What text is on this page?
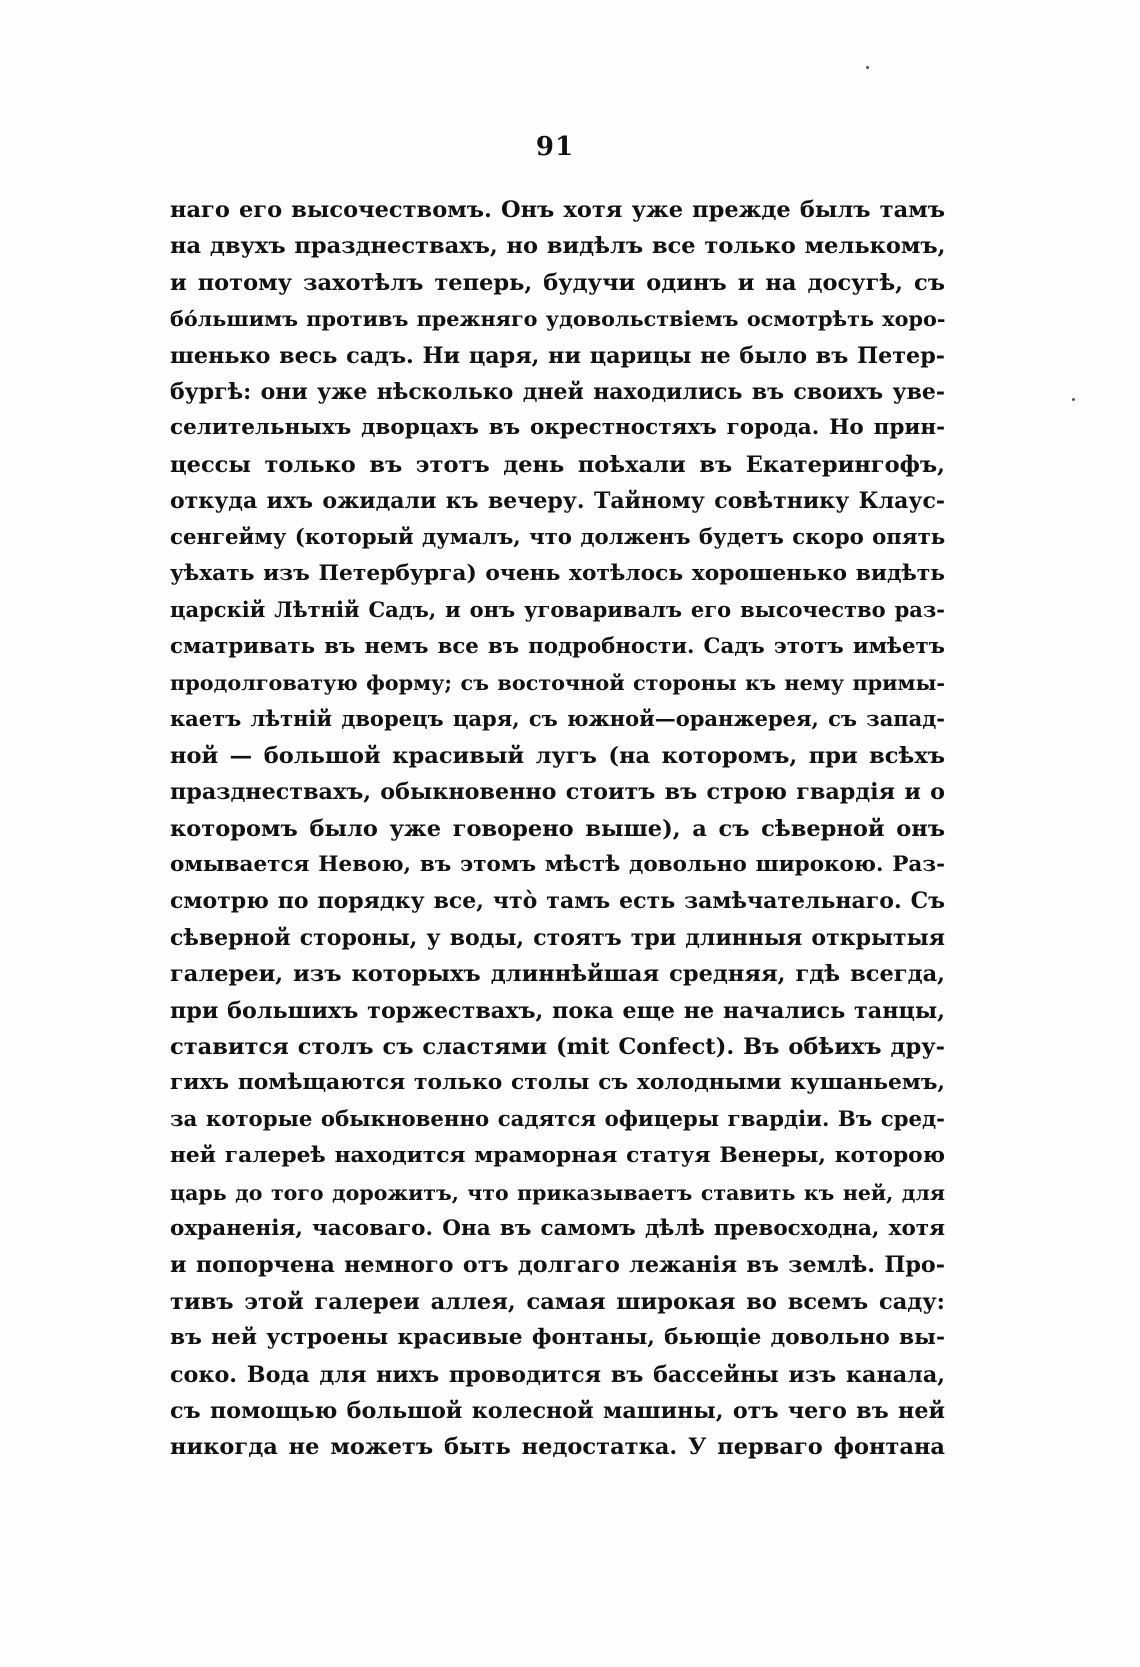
91
наго его высочествомъ. Онъ хотя уже прежде былъ тамъ
на двухъ празднествахъ, но видѣлъ все только мелькомъ,
и потому захотѣлъ теперь, будучи одинъ и на досугѣ, съ
бо́льшимъ противъ прежняго удовольствіемъ осмотрѣть хоро-
шенько весь садъ. Ни царя, ни царицы не было въ Петер-
бургѣ: они уже нѣсколько дней находились въ своихъ уве-
селительныхъ дворцахъ въ окрестностяхъ города. Но прин-
цессы только въ этотъ день поѣхали въ Екатерингофъ,
откуда ихъ ожидали къ вечеру. Тайному совѣтнику Клаус-
сенгейму (который думалъ, что долженъ будетъ скоро опять
уѣхать изъ Петербурга) очень хотѣлось хорошенько видѣть
царскій Лѣтній Садъ, и онъ уговаривалъ его высочество раз-
сматривать въ немъ все въ подробности. Садъ этотъ имѣетъ
продолговатую форму; съ восточной стороны къ нему примы-
каетъ лѣтній дворецъ царя, съ южной—оранжерея, съ запад-
ной — большой красивый лугъ (на которомъ, при всѣхъ
празднествахъ, обыкновенно стоитъ въ строю гвардія и о
которомъ было уже говорено выше), а съ сѣверной онъ
омывается Невою, въ этомъ мѣстѣ довольно широкою. Раз-
смотрю по порядку все, что̀ тамъ есть замѣчательнаго. Съ
сѣверной стороны, у воды, стоятъ три длинныя открытыя
галереи, изъ которыхъ длиннѣйшая средняя, гдѣ всегда,
при большихъ торжествахъ, пока еще не начались танцы,
ставится столъ съ сластями (mit Confect). Въ обѣихъ дру-
гихъ помѣщаются только столы съ холодными кушаньемъ,
за которые обыкновенно садятся офицеры гвардіи. Въ сред-
ней галереѣ находится мраморная статуя Венеры, которою
царь до того дорожитъ, что приказываетъ ставить къ ней, для
охраненія, часоваго. Она въ самомъ дѣлѣ превосходна, хотя
и попорчена немного отъ долгаго лежанія въ землѣ. Про-
тивъ этой галереи аллея, самая широкая во всемъ саду:
въ ней устроены красивые фонтаны, бьющіе довольно вы-
соко. Вода для нихъ проводится въ бассейны изъ канала,
съ помощью большой колесной машины, отъ чего въ ней
никогда не можетъ быть недостатка. У перваго фонтана
